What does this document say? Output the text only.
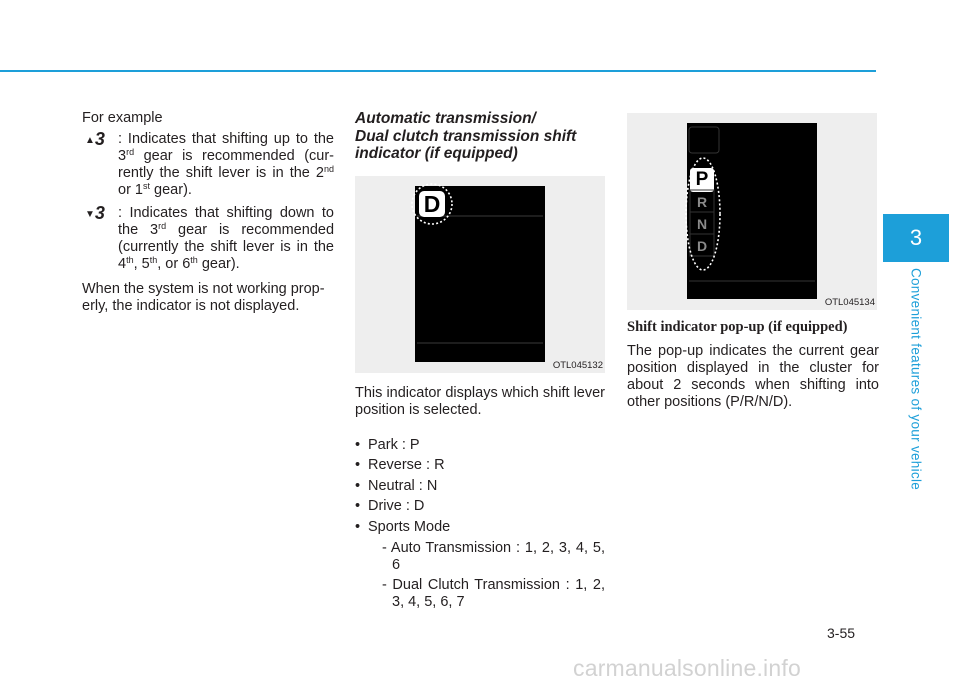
For example

▲3 : Indicates that shifting up to the 3rd gear is recommended (cur-rently the shift lever is in the 2nd or 1st gear).
▼3 : Indicates that shifting down to the 3rd gear is recommended (currently the shift lever is in the 4th, 5th, or 6th gear).

When the system is not working prop-erly, the indicator is not displayed.

Automatic transmission/
Dual clutch transmission shift
indicator (if equipped)
D
OTL045132

This indicator displays which shift lever position is selected.

• Park : P
• Reverse : R
• Neutral : N
• Drive : D
• Sports Mode
- Auto Transmission : 1, 2, 3, 4, 5, 6
- Dual Clutch Transmission : 1, 2, 3, 4, 5, 6, 7
P
R
N
D
OTL045134

Shift indicator pop-up (if equipped)

The pop-up indicates the current gear position displayed in the cluster for about 2 seconds when shifting into other positions (P/R/N/D).

3
Convenient features of your vehicle
3-55
carmanualsonline.info
